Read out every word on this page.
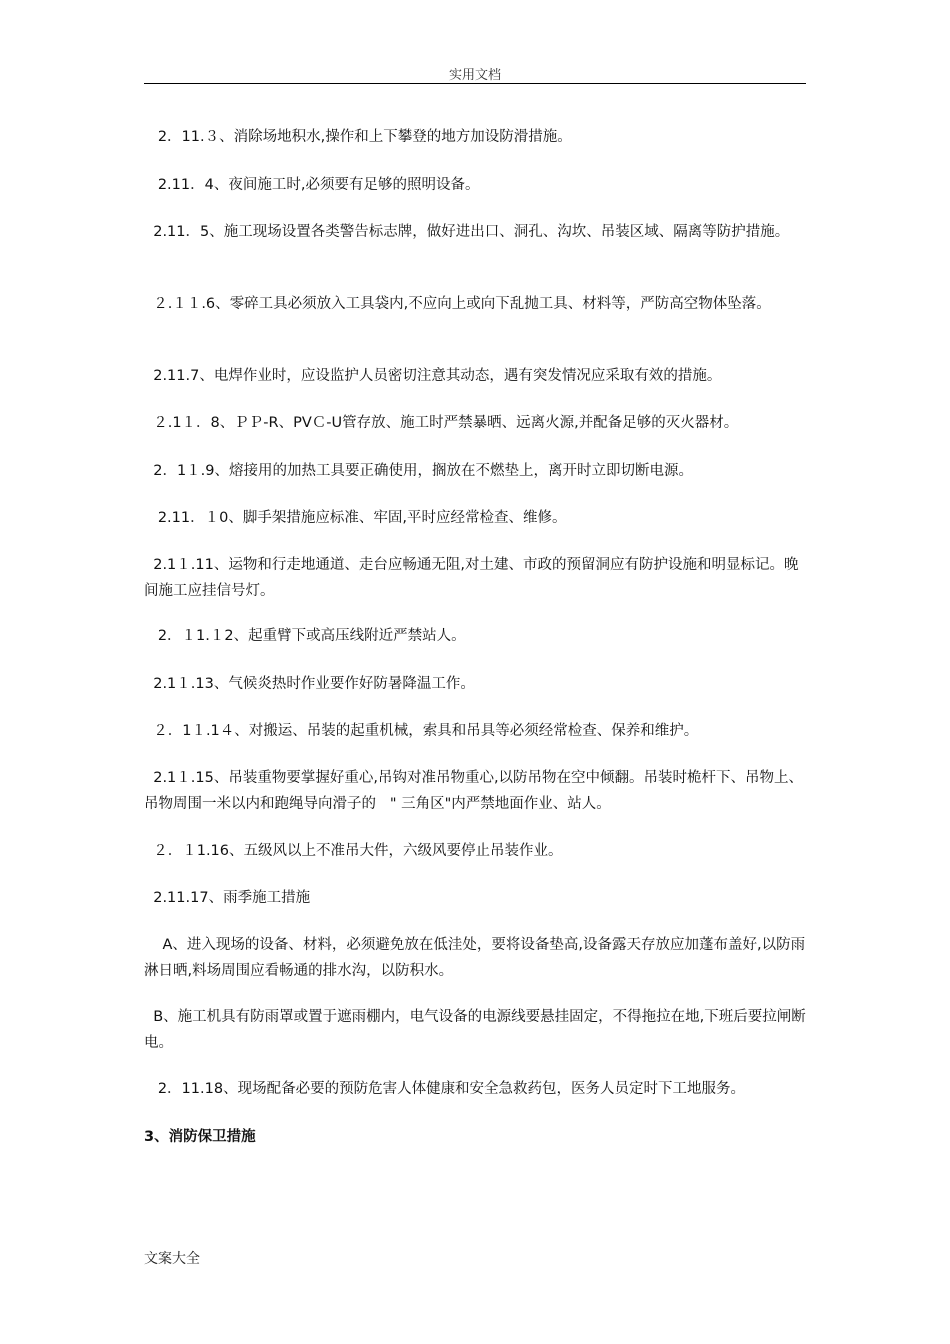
实用文档
2．11.３、消除场地积水,操作和上下攀登的地方加设防滑措施。
2.11．4、夜间施工时,必须要有足够的照明设备。
2.11．5、施工现场设置各类警告标志牌，做好进出口、洞孔、沟坎、吊装区域、隔离等防护措施。
２.１１.6、零碎工具必须放入工具袋内,不应向上或向下乱抛工具、材料等，严防高空物体坠落。
2.11.7、电焊作业时，应设监护人员密切注意其动态，遇有突发情况应采取有效的措施。
２.1１．8、ＰＰ-R、PVＣ-U管存放、施工时严禁暴晒、远离火源,并配备足够的灭火器材。
2．1１.9、熔接用的加热工具要正确使用，搁放在不燃垫上，离开时立即切断电源。
2.11．１0、脚手架措施应标准、牢固,平时应经常检查、维修。
2.1１.11、运物和行走地通道、走台应畅通无阻,对土建、市政的预留洞应有防护设施和明显标记。晚间施工应挂信号灯。
2．１1.１2、起重臂下或高压线附近严禁站人。
2.1１.13、气候炎热时作业要作好防暑降温工作。
２．1１.1４、对搬运、吊装的起重机械，索具和吊具等必须经常检查、保养和维护。
2.1１.15、吊装重物要掌握好重心,吊钩对准吊物重心,以防吊物在空中倾翻。吊装时桅杆下、吊物上、吊物周围一米以内和跑绳导向滑子的   " 三角区"内严禁地面作业、站人。
２．１1.16、五级风以上不准吊大件，六级风要停止吊装作业。
2.11.17、雨季施工措施
A、进入现场的设备、材料，必须避免放在低洼处，要将设备垫高,设备露天存放应加蓬布盖好,以防雨淋日晒,料场周围应看畅通的排水沟，以防积水。
B、施工机具有防雨罩或置于遮雨棚内，电气设备的电源线要悬挂固定，不得拖拉在地,下班后要拉闸断电。
2．11.18、现场配备必要的预防危害人体健康和安全急救药包，医务人员定时下工地服务。
3、消防保卫措施
文案大全
